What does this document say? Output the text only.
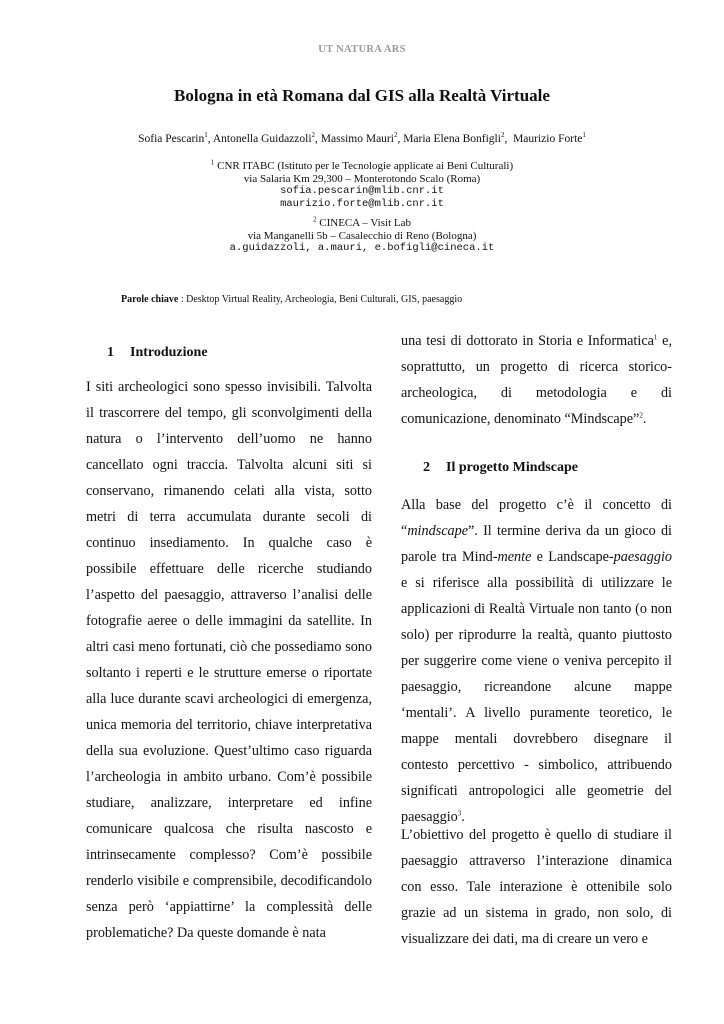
UT NATURA ARS
Bologna in età Romana dal GIS alla Realtà Virtuale
Sofia Pescarin$^1$, Antonella Guidazzoli$^2$, Massimo Mauri$^2$, Maria Elena Bonfigli$^2$,  Maurizio Forte$^1$
$^1$ CNR ITABC (Istituto per le Tecnologie applicate ai Beni Culturali)
via Salaria Km 29,300 – Monterotondo Scalo (Roma)
sofia.pescarin@mlib.cnr.it
maurizio.forte@mlib.cnr.it
$^2$ CINECA – Visit Lab
via Manganelli 5b – Casalecchio di Reno (Bologna)
a.guidazzoli, a.mauri, e.bofigli@cineca.it
Parole chiave : Desktop Virtual Reality, Archeologia, Beni Culturali, GIS, paesaggio
1 Introduzione

I siti archeologici sono spesso invisibili. Talvolta il trascorrere del tempo, gli sconvolgimenti della natura o l’intervento dell’uomo ne hanno cancellato ogni traccia. Talvolta alcuni siti si conservano, rimanendo celati alla vista, sotto metri di terra accumulata durante secoli di continuo insediamento. In qualche caso è possibile effettuare delle ricerche studiando l’aspetto del paesaggio, attraverso l’analisi delle fotografie aeree o delle immagini da satellite. In altri casi meno fortunati, ciò che possediamo sono soltanto i reperti e le strutture emerse o riportate alla luce durante scavi archeologici di emergenza, unica memoria del territorio, chiave interpretativa della sua evoluzione. Quest’ultimo caso riguarda l’archeologia in ambito urbano. Com’è possibile studiare, analizzare, interpretare ed infine comunicare qualcosa che risulta nascosto e intrinsecamente complesso? Com’è possibile renderlo visibile e comprensibile, decodificandolo senza però ‘appiattirne’ la complessità delle problematiche? Da queste domande è nata

una tesi di dottorato in Storia e Informatica$^1$ e, soprattutto, un progetto di ricerca storico-archeologica, di metodologia e di comunicazione, denominato “Mindscape”$^2$.

2 Il progetto Mindscape

Alla base del progetto c’è il concetto di “mindscape”. Il termine deriva da un gioco di parole tra Mind-mente e Landscape-paesaggio e si riferisce alla possibilità di utilizzare le applicazioni di Realtà Virtuale non tanto (o non solo) per riprodurre la realtà, quanto piuttosto per suggerire come viene o veniva percepito il paesaggio, ricreandone alcune mappe ‘mentali’. A livello puramente teoretico, le mappe mentali dovrebbero disegnare il contesto percettivo - simbolico, attribuendo significati antropologici alle geometrie del paesaggio$^3$.

L’obiettivo del progetto è quello di studiare il paesaggio attraverso l’interazione dinamica con esso. Tale interazione è ottenibile solo grazie ad un sistema in grado, non solo, di visualizzare dei dati, ma di creare un vero e
